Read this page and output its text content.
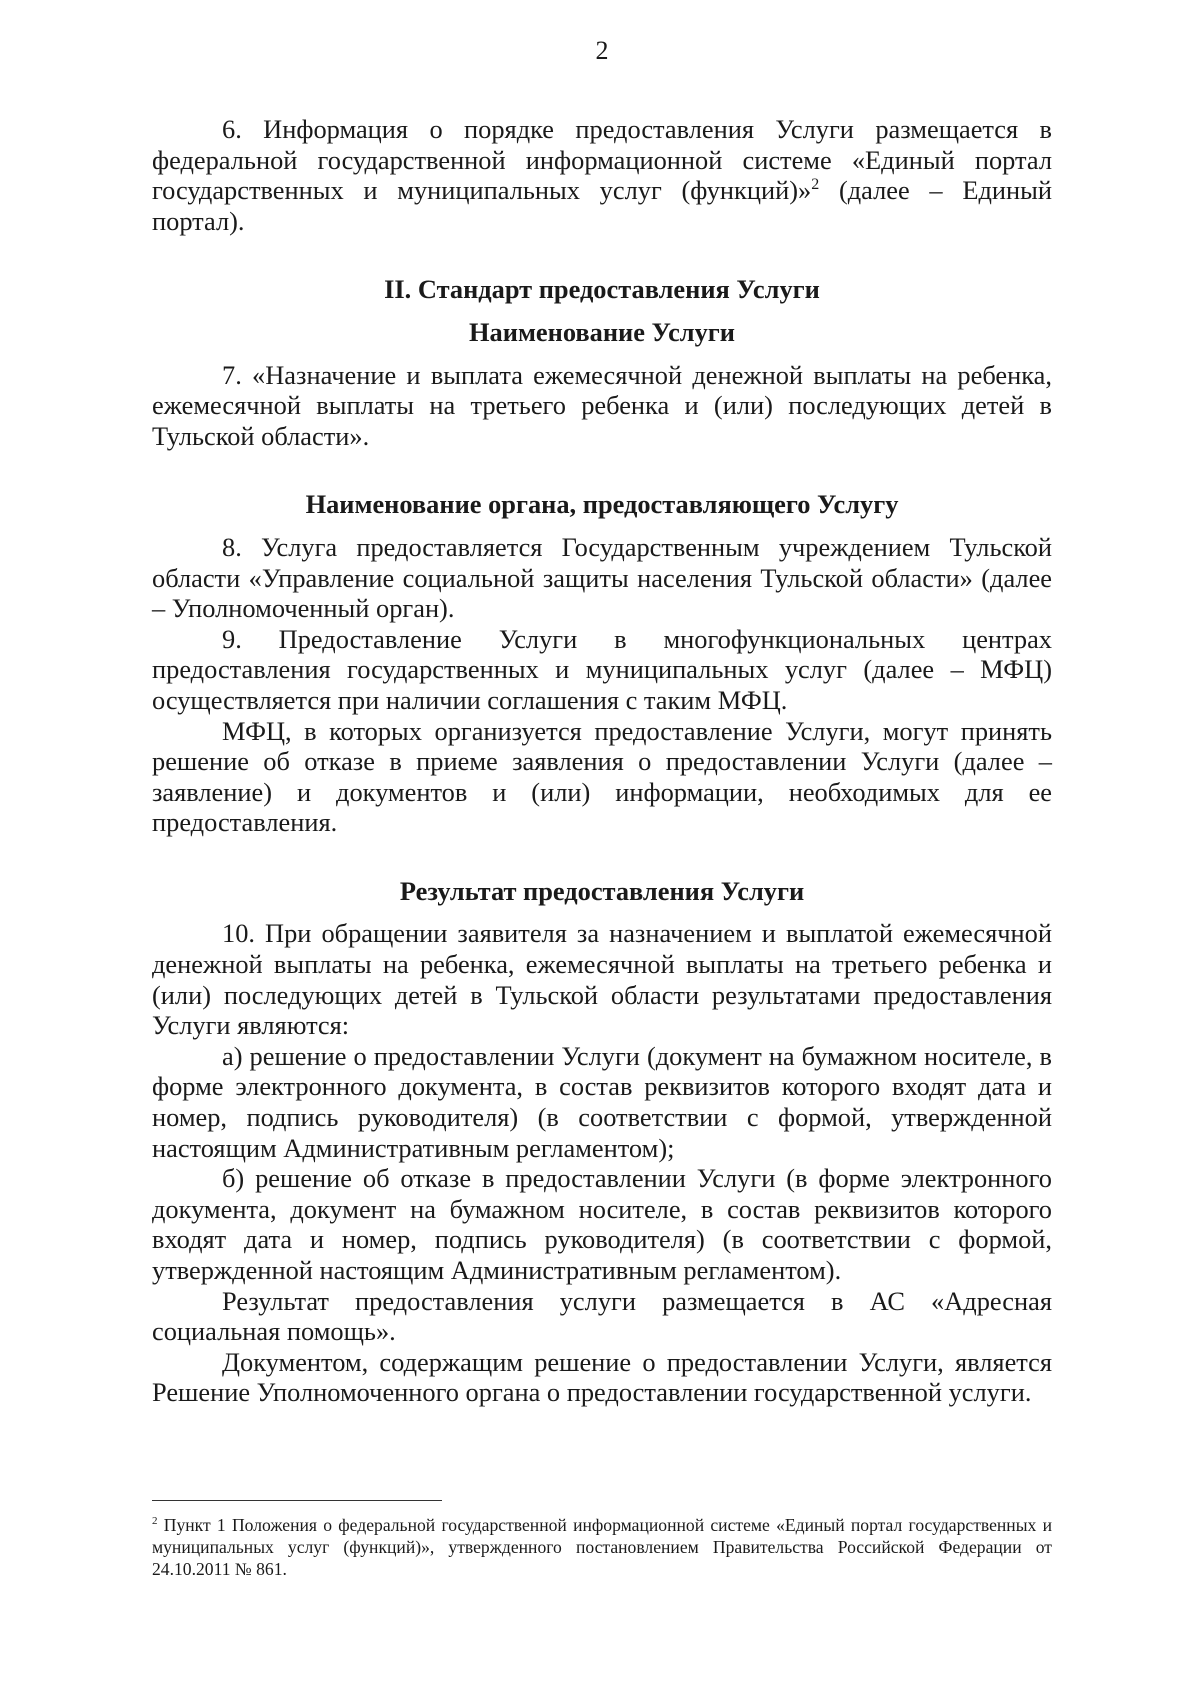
2

6. Информация о порядке предоставления Услуги размещается в федеральной государственной информационной системе «Единый портал государственных и муниципальных услуг (функций)»$^2$ (далее – Единый портал).

II. Стандарт предоставления Услуги
Наименование Услуги

7. «Назначение и выплата ежемесячной денежной выплаты на ребенка, ежемесячной выплаты на третьего ребенка и (или) последующих детей в Тульской области».

Наименование органа, предоставляющего Услугу

8. Услуга предоставляется Государственным учреждением Тульской области «Управление социальной защиты населения Тульской области» (далее – Уполномоченный орган).

9. Предоставление Услуги в многофункциональных центрах предоставления государственных и муниципальных услуг (далее – МФЦ) осуществляется при наличии соглашения с таким МФЦ.

МФЦ, в которых организуется предоставление Услуги, могут принять решение об отказе в приеме заявления о предоставлении Услуги (далее – заявление) и документов и (или) информации, необходимых для ее предоставления.

Результат предоставления Услуги

10. При обращении заявителя за назначением и выплатой ежемесячной денежной выплаты на ребенка, ежемесячной выплаты на третьего ребенка и (или) последующих детей в Тульской области результатами предоставления Услуги являются:

а) решение о предоставлении Услуги (документ на бумажном носителе, в форме электронного документа, в состав реквизитов которого входят дата и номер, подпись руководителя) (в соответствии с формой, утвержденной настоящим Административным регламентом);

б) решение об отказе в предоставлении Услуги (в форме электронного документа, документ на бумажном носителе, в состав реквизитов которого входят дата и номер, подпись руководителя) (в соответствии с формой, утвержденной настоящим Административным регламентом).

Результат предоставления услуги размещается в АС «Адресная социальная помощь».

Документом, содержащим решение о предоставлении Услуги, является Решение Уполномоченного органа о предоставлении государственной услуги.

$^2$ Пункт 1 Положения о федеральной государственной информационной системе «Единый портал государственных и муниципальных услуг (функций)», утвержденного постановлением Правительства Российской Федерации от 24.10.2011 № 861.
